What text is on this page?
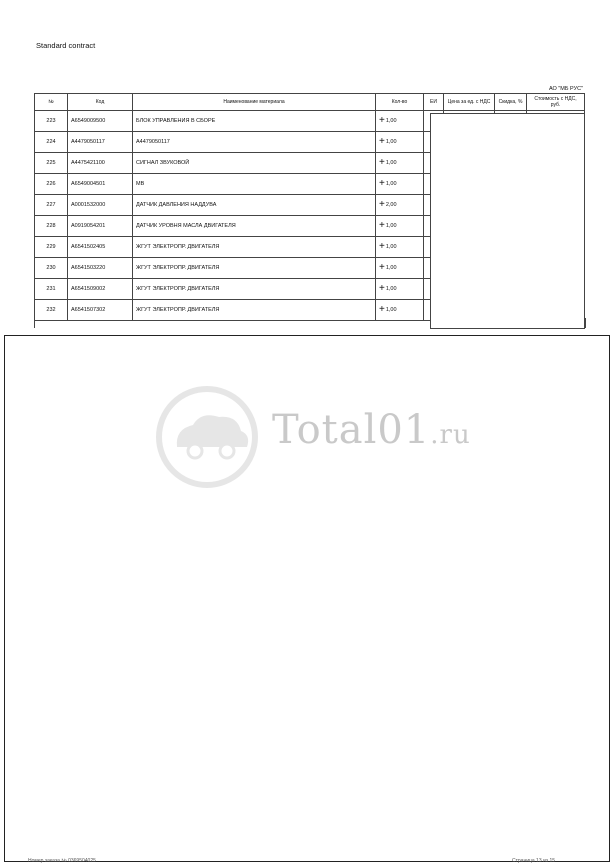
Standard contract
АО "МБ РУС"
№	Код	Наименование материала	Кол-во	ЕИ	Цена за ед. с НДС	Скидка, %	Стоимость с НДС, руб.
223	A6549009500	БЛОК УПРАВЛЕНИЯ В СБОРЕ	+1,00				
224	A4479050117	A4479050117	+1,00				
225	A4475421100	СИГНАЛ ЗВУКОВОЙ	+1,00				
226	A6549004501	MB	+1,00				
227	A0001532000	ДАТЧИК ДАВЛЕНИЯ НАДДУВА	+2,00				
228	A0919054201	ДАТЧИК УРОВНЯ МАСЛА ДВИГАТЕЛЯ	+1,00				
229	A6541502405	ЖГУТ ЭЛЕКТРОПР. ДВИГАТЕЛЯ	+1,00				
230	A6541503220	ЖГУТ ЭЛЕКТРОПР. ДВИГАТЕЛЯ	+1,00				
231	A6541509002	ЖГУТ ЭЛЕКТРОПР. ДВИГАТЕЛЯ	+1,00				
232	A6541507302	ЖГУТ ЭЛЕКТРОПР. ДВИГАТЕЛЯ	+1,00				
Total01.ru
Номер заказа № 0369504025	Страница 13 из 15
